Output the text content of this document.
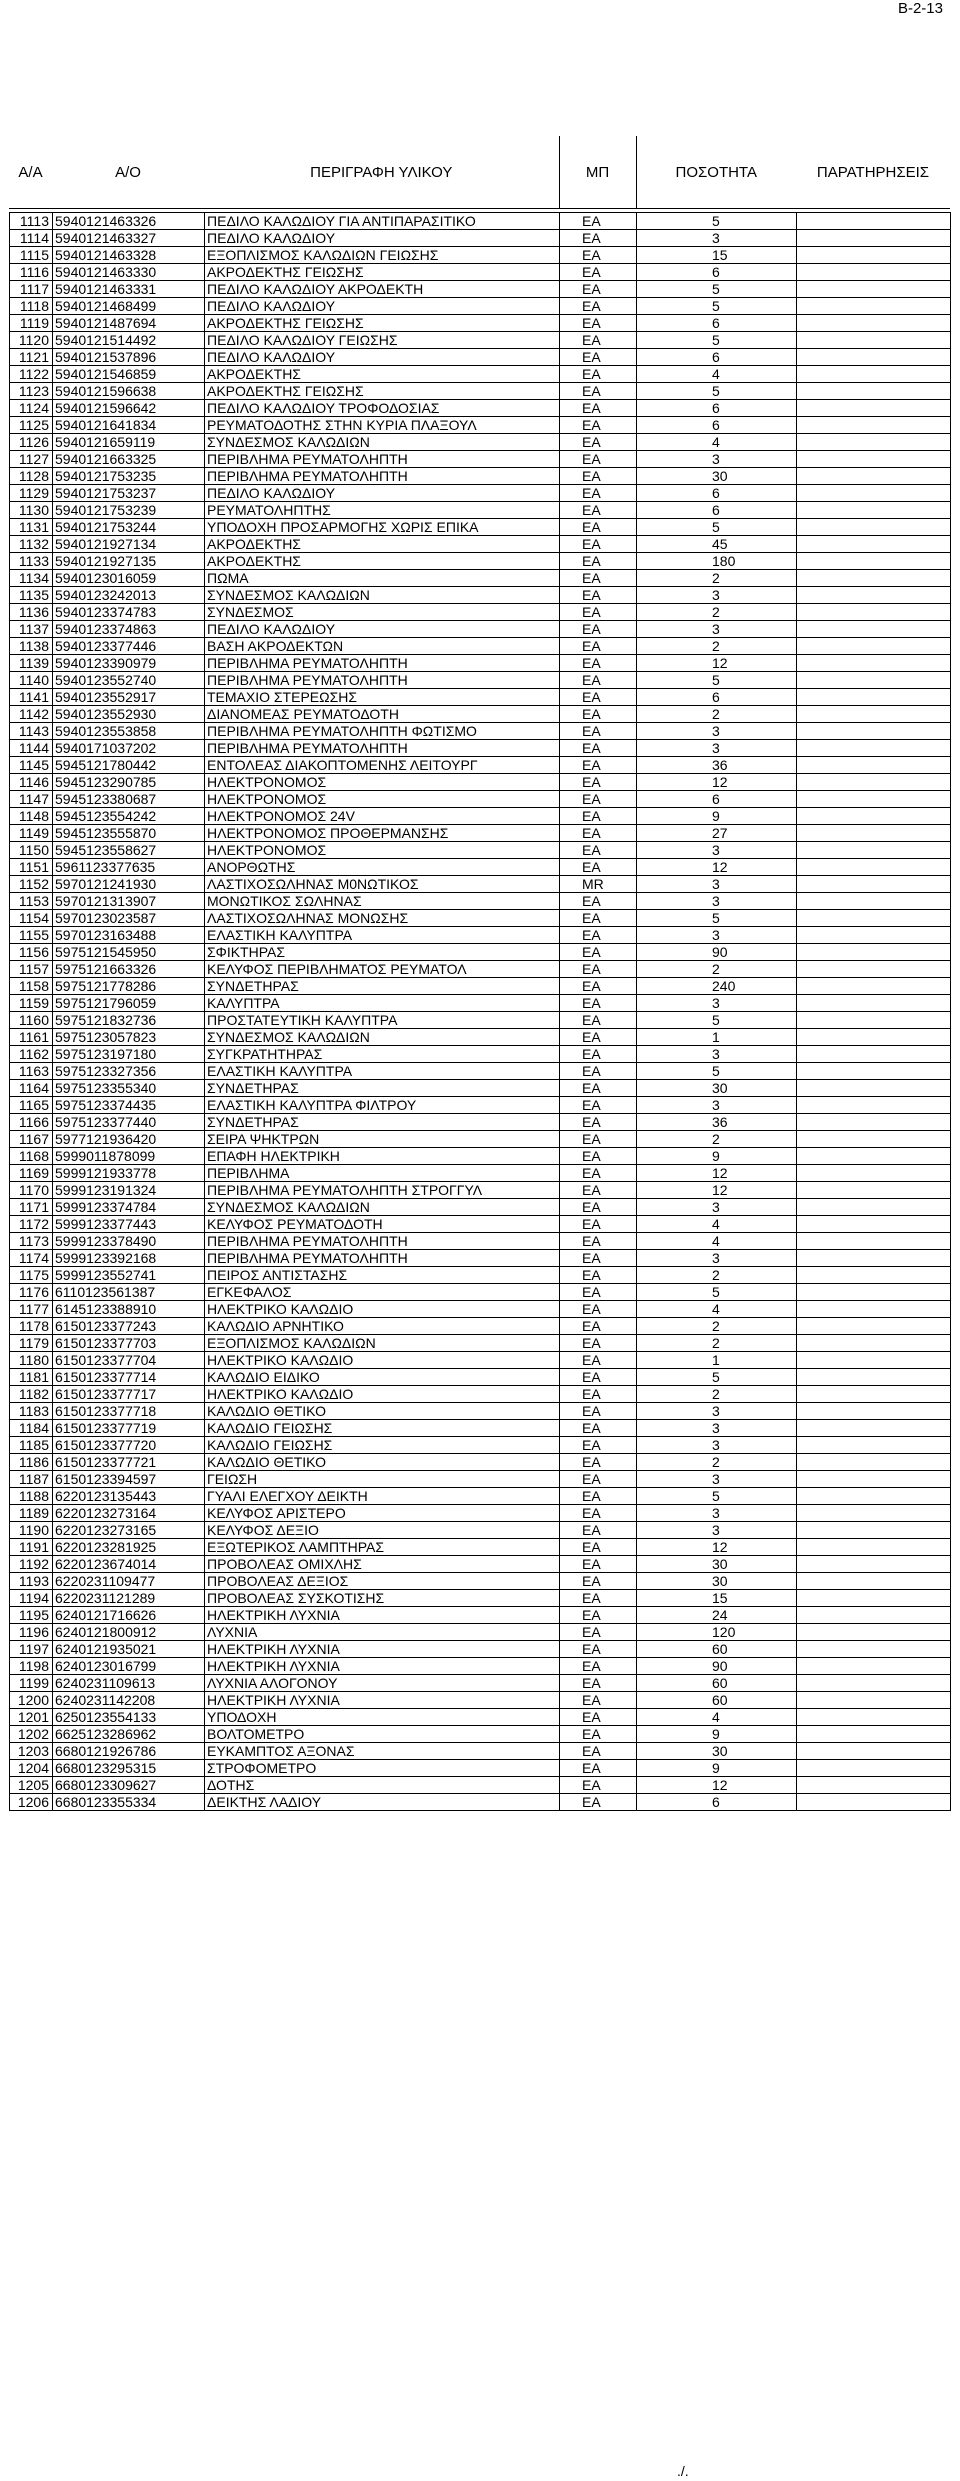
B-2-13
Α/Α	Α/Ο	ΠΕΡΙΓΡΑΦΗ ΥΛΙΚΟΥ	ΜΠ	ΠΟΣΟΤΗΤΑ	ΠΑΡΑΤΗΡΗΣΕΙΣ
1113	5940121463326	ΠΕΔΙΛΟ ΚΑΛΩΔΙΟΥ ΓΙΑ ΑΝΤΙΠΑΡΑΣΙΤΙΚΟ	ΕΑ	5	
1114	5940121463327	ΠΕΔΙΛΟ ΚΑΛΩΔΙΟΥ	ΕΑ	3	
1115	5940121463328	ΕΞΟΠΛΙΣΜΟΣ ΚΑΛΩΔΙΩΝ ΓΕΙΩΣΗΣ	ΕΑ	15	
1116	5940121463330	ΑΚΡΟΔΕΚΤΗΣ ΓΕΙΩΣΗΣ	ΕΑ	6	
1117	5940121463331	ΠΕΔΙΛΟ ΚΑΛΩΔΙΟΥ ΑΚΡΟΔΕΚΤΗ	ΕΑ	5	
1118	5940121468499	ΠΕΔΙΛΟ ΚΑΛΩΔΙΟΥ	ΕΑ	5	
1119	5940121487694	ΑΚΡΟΔΕΚΤΗΣ ΓΕΙΩΣΗΣ	ΕΑ	6	
1120	5940121514492	ΠΕΔΙΛΟ ΚΑΛΩΔΙΟΥ ΓΕΙΩΣΗΣ	ΕΑ	5	
1121	5940121537896	ΠΕΔΙΛΟ ΚΑΛΩΔΙΟΥ	ΕΑ	6	
1122	5940121546859	ΑΚΡΟΔΕΚΤΗΣ	ΕΑ	4	
1123	5940121596638	ΑΚΡΟΔΕΚΤΗΣ ΓΕΙΩΣΗΣ	ΕΑ	5	
1124	5940121596642	ΠΕΔΙΛΟ ΚΑΛΩΔΙΟΥ ΤΡΟΦΟΔΟΣΙΑΣ	ΕΑ	6	
1125	5940121641834	ΡΕΥΜΑΤΟΔΟΤΗΣ ΣΤΗΝ ΚΥΡΙΑ ΠΛΑΞΟΥΛ	ΕΑ	6	
1126	5940121659119	ΣΥΝΔΕΣΜΟΣ ΚΑΛΩΔΙΩΝ	ΕΑ	4	
1127	5940121663325	ΠΕΡΙΒΛΗΜΑ ΡΕΥΜΑΤΟΛΗΠΤΗ	ΕΑ	3	
1128	5940121753235	ΠΕΡΙΒΛΗΜΑ ΡΕΥΜΑΤΟΛΗΠΤΗ	ΕΑ	30	
1129	5940121753237	ΠΕΔΙΛΟ ΚΑΛΩΔΙΟΥ	ΕΑ	6	
1130	5940121753239	ΡΕΥΜΑΤΟΛΗΠΤΗΣ	ΕΑ	6	
1131	5940121753244	ΥΠΟΔΟΧΗ ΠΡΟΣΑΡΜΟΓΗΣ ΧΩΡΙΣ ΕΠΙΚΑ	ΕΑ	5	
1132	5940121927134	ΑΚΡΟΔΕΚΤΗΣ	ΕΑ	45	
1133	5940121927135	ΑΚΡΟΔΕΚΤΗΣ	ΕΑ	180	
1134	5940123016059	ΠΩΜΑ	ΕΑ	2	
1135	5940123242013	ΣΥΝΔΕΣΜΟΣ ΚΑΛΩΔΙΩΝ	ΕΑ	3	
1136	5940123374783	ΣΥΝΔΕΣΜΟΣ	ΕΑ	2	
1137	5940123374863	ΠΕΔΙΛΟ ΚΑΛΩΔΙΟΥ	ΕΑ	3	
1138	5940123377446	ΒΑΣΗ ΑΚΡΟΔΕΚΤΩΝ	ΕΑ	2	
1139	5940123390979	ΠΕΡΙΒΛΗΜΑ ΡΕΥΜΑΤΟΛΗΠΤΗ	ΕΑ	12	
1140	5940123552740	ΠΕΡΙΒΛΗΜΑ ΡΕΥΜΑΤΟΛΗΠΤΗ	ΕΑ	5	
1141	5940123552917	ΤΕΜΑΧΙΟ ΣΤΕΡΕΩΣΗΣ	ΕΑ	6	
1142	5940123552930	ΔΙΑΝΟΜΕΑΣ ΡΕΥΜΑΤΟΔΟΤΗ	ΕΑ	2	
1143	5940123553858	ΠΕΡΙΒΛΗΜΑ ΡΕΥΜΑΤΟΛΗΠΤΗ ΦΩΤΙΣΜΟ	ΕΑ	3	
1144	5940171037202	ΠΕΡΙΒΛΗΜΑ ΡΕΥΜΑΤΟΛΗΠΤΗ	ΕΑ	3	
1145	5945121780442	ΕΝΤΟΛΕΑΣ ΔΙΑΚΟΠΤΟΜΕΝΗΣ ΛΕΙΤΟΥΡΓ	ΕΑ	36	
1146	5945123290785	ΗΛΕΚΤΡΟΝΟΜΟΣ	ΕΑ	12	
1147	5945123380687	ΗΛΕΚΤΡΟΝΟΜΟΣ	ΕΑ	6	
1148	5945123554242	ΗΛΕΚΤΡΟΝΟΜΟΣ 24V	ΕΑ	9	
1149	5945123555870	ΗΛΕΚΤΡΟΝΟΜΟΣ ΠΡΟΘΕΡΜΑΝΣΗΣ	ΕΑ	27	
1150	5945123558627	ΗΛΕΚΤΡΟΝΟΜΟΣ	ΕΑ	3	
1151	5961123377635	ΑΝΟΡΘΩΤΗΣ	ΕΑ	12	
1152	5970121241930	ΛΑΣΤΙΧΟΣΩΛΗΝΑΣ Μ0ΝΩΤΙΚΟΣ	MR	3	
1153	5970121313907	ΜΟΝΩΤΙΚΟΣ ΣΩΛΗΝΑΣ	ΕΑ	3	
1154	5970123023587	ΛΑΣΤΙΧΟΣΩΛΗΝΑΣ ΜΟΝΩΣΗΣ	ΕΑ	5	
1155	5970123163488	ΕΛΑΣΤΙΚΗ ΚΑΛΥΠΤΡΑ	ΕΑ	3	
1156	5975121545950	ΣΦΙΚΤΗΡΑΣ	ΕΑ	90	
1157	5975121663326	ΚΕΛΥΦΟΣ ΠΕΡΙΒΛΗΜΑΤΟΣ ΡΕΥΜΑΤΟΛ	ΕΑ	2	
1158	5975121778286	ΣΥΝΔΕΤΗΡΑΣ	ΕΑ	240	
1159	5975121796059	ΚΑΛΥΠΤΡΑ	ΕΑ	3	
1160	5975121832736	ΠΡΟΣΤΑΤΕΥΤΙΚΗ ΚΑΛΥΠΤΡΑ	ΕΑ	5	
1161	5975123057823	ΣΥΝΔΕΣΜΟΣ ΚΑΛΩΔΙΩΝ	ΕΑ	1	
1162	5975123197180	ΣΥΓΚΡΑΤΗΤΗΡΑΣ	ΕΑ	3	
1163	5975123327356	ΕΛΑΣΤΙΚΗ ΚΑΛΥΠΤΡΑ	ΕΑ	5	
1164	5975123355340	ΣΥΝΔΕΤΗΡΑΣ	ΕΑ	30	
1165	5975123374435	ΕΛΑΣΤΙΚΗ ΚΑΛΥΠΤΡΑ ΦΙΛΤΡΟΥ	ΕΑ	3	
1166	5975123377440	ΣΥΝΔΕΤΗΡΑΣ	ΕΑ	36	
1167	5977121936420	ΣΕΙΡΑ ΨΗΚΤΡΩΝ	ΕΑ	2	
1168	5999011878099	ΕΠΑΦΗ ΗΛΕΚΤΡΙΚΗ	ΕΑ	9	
1169	5999121933778	ΠΕΡΙΒΛΗΜΑ	ΕΑ	12	
1170	5999123191324	ΠΕΡΙΒΛΗΜΑ ΡΕΥΜΑΤΟΛΗΠΤΗ ΣΤΡΟΓΓΥΛ	ΕΑ	12	
1171	5999123374784	ΣΥΝΔΕΣΜΟΣ ΚΑΛΩΔΙΩΝ	ΕΑ	3	
1172	5999123377443	ΚΕΛΥΦΟΣ ΡΕΥΜΑΤΟΔΟΤΗ	ΕΑ	4	
1173	5999123378490	ΠΕΡΙΒΛΗΜΑ ΡΕΥΜΑΤΟΛΗΠΤΗ	ΕΑ	4	
1174	5999123392168	ΠΕΡΙΒΛΗΜΑ ΡΕΥΜΑΤΟΛΗΠΤΗ	ΕΑ	3	
1175	5999123552741	ΠΕΙΡΟΣ ΑΝΤΙΣΤΑΣΗΣ	ΕΑ	2	
1176	6110123561387	ΕΓΚΕΦΑΛΟΣ	ΕΑ	5	
1177	6145123388910	ΗΛΕΚΤΡΙΚΟ ΚΑΛΩΔΙΟ	ΕΑ	4	
1178	6150123377243	ΚΑΛΩΔΙΟ ΑΡΝΗΤΙΚΟ	ΕΑ	2	
1179	6150123377703	ΕΞΟΠΛΙΣΜΟΣ ΚΑΛΩΔΙΩΝ	ΕΑ	2	
1180	6150123377704	ΗΛΕΚΤΡΙΚΟ ΚΑΛΩΔΙΟ	ΕΑ	1	
1181	6150123377714	ΚΑΛΩΔΙΟ ΕΙΔΙΚΟ	ΕΑ	5	
1182	6150123377717	ΗΛΕΚΤΡΙΚΟ ΚΑΛΩΔΙΟ	ΕΑ	2	
1183	6150123377718	ΚΑΛΩΔΙΟ ΘΕΤΙΚΟ	ΕΑ	3	
1184	6150123377719	ΚΑΛΩΔΙΟ ΓΕΙΩΣΗΣ	ΕΑ	3	
1185	6150123377720	ΚΑΛΩΔΙΟ ΓΕΙΩΣΗΣ	ΕΑ	3	
1186	6150123377721	ΚΑΛΩΔΙΟ ΘΕΤΙΚΟ	ΕΑ	2	
1187	6150123394597	ΓΕΙΩΣΗ	ΕΑ	3	
1188	6220123135443	ΓΥΑΛΙ ΕΛΕΓΧΟΥ ΔΕΙΚΤΗ	ΕΑ	5	
1189	6220123273164	ΚΕΛΥΦΟΣ ΑΡΙΣΤΕΡΟ	ΕΑ	3	
1190	6220123273165	ΚΕΛΥΦΟΣ ΔΕΞΙΟ	ΕΑ	3	
1191	6220123281925	ΕΞΩΤΕΡΙΚΟΣ ΛΑΜΠΤΗΡΑΣ	ΕΑ	12	
1192	6220123674014	ΠΡΟΒΟΛΕΑΣ ΟΜΙΧΛΗΣ	ΕΑ	30	
1193	6220231109477	ΠΡΟΒΟΛΕΑΣ ΔΕΞΙΟΣ	ΕΑ	30	
1194	6220231121289	ΠΡΟΒΟΛΕΑΣ ΣΥΣΚΟΤΙΣΗΣ	ΕΑ	15	
1195	6240121716626	ΗΛΕΚΤΡΙΚΗ ΛΥΧΝΙΑ	ΕΑ	24	
1196	6240121800912	ΛΥΧΝΙΑ	ΕΑ	120	
1197	6240121935021	ΗΛΕΚΤΡΙΚΗ ΛΥΧΝΙΑ	ΕΑ	60	
1198	6240123016799	ΗΛΕΚΤΡΙΚΗ ΛΥΧΝΙΑ	ΕΑ	90	
1199	6240231109613	ΛΥΧΝΙΑ ΑΛΟΓΟΝΟΥ	ΕΑ	60	
1200	6240231142208	ΗΛΕΚΤΡΙΚΗ ΛΥΧΝΙΑ	ΕΑ	60	
1201	6250123554133	ΥΠΟΔΟΧΗ	ΕΑ	4	
1202	6625123286962	ΒΟΛΤΟΜΕΤΡΟ	ΕΑ	9	
1203	6680121926786	ΕΥΚΑΜΠΤΟΣ ΑΞΟΝΑΣ	ΕΑ	30	
1204	6680123295315	ΣΤΡΟΦΟΜΕΤΡΟ	ΕΑ	9	
1205	6680123309627	ΔΟΤΗΣ	ΕΑ	12	
1206	6680123355334	ΔΕΙΚΤΗΣ ΛΑΔΙΟΥ	ΕΑ	6	
./.
